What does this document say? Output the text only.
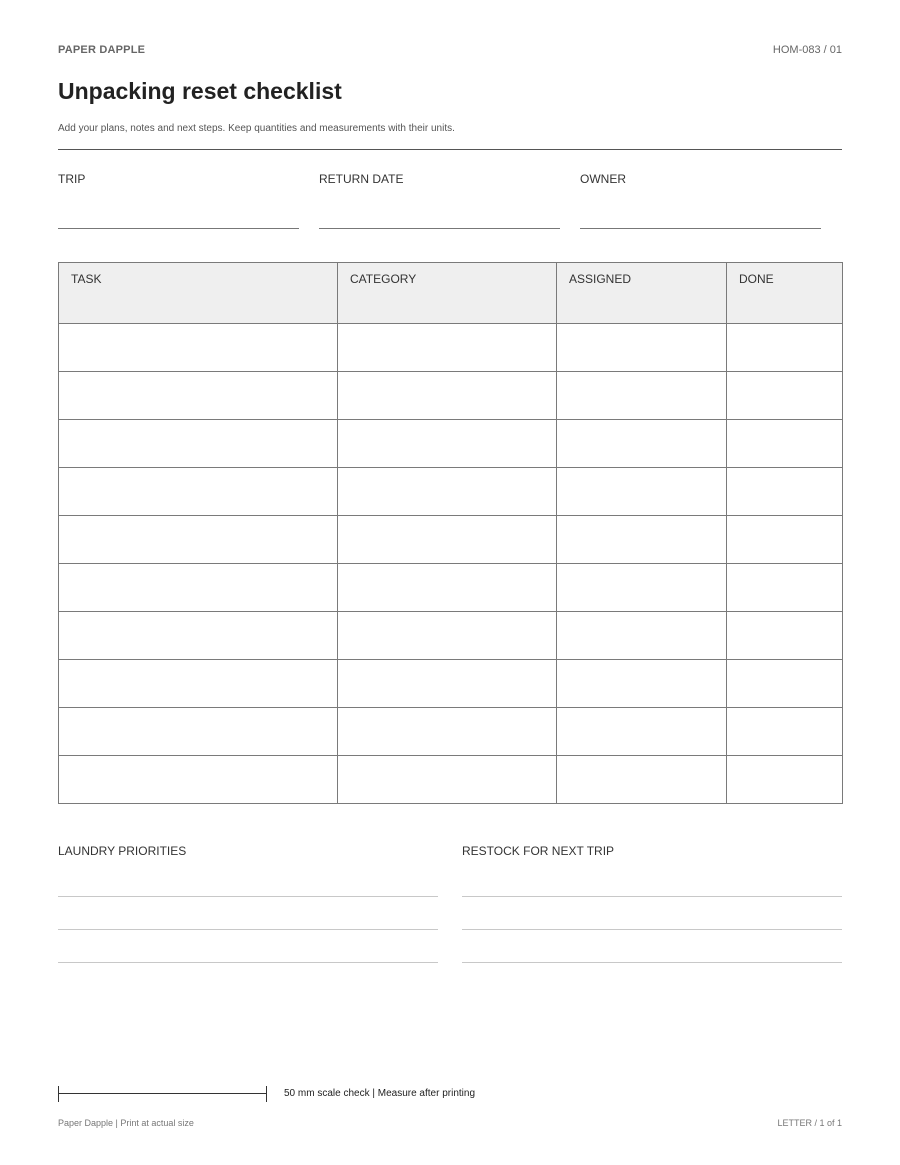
PAPER DAPPLE	HOM-083 / 01
Unpacking reset checklist
Add your plans, notes and next steps. Keep quantities and measurements with their units.
TRIP	RETURN DATE	OWNER
TASK	CATEGORY	ASSIGNED	DONE

LAUNDRY PRIORITIES	RESTOCK FOR NEXT TRIP
50 mm scale check | Measure after printing
Paper Dapple | Print at actual size	LETTER / 1 of 1
